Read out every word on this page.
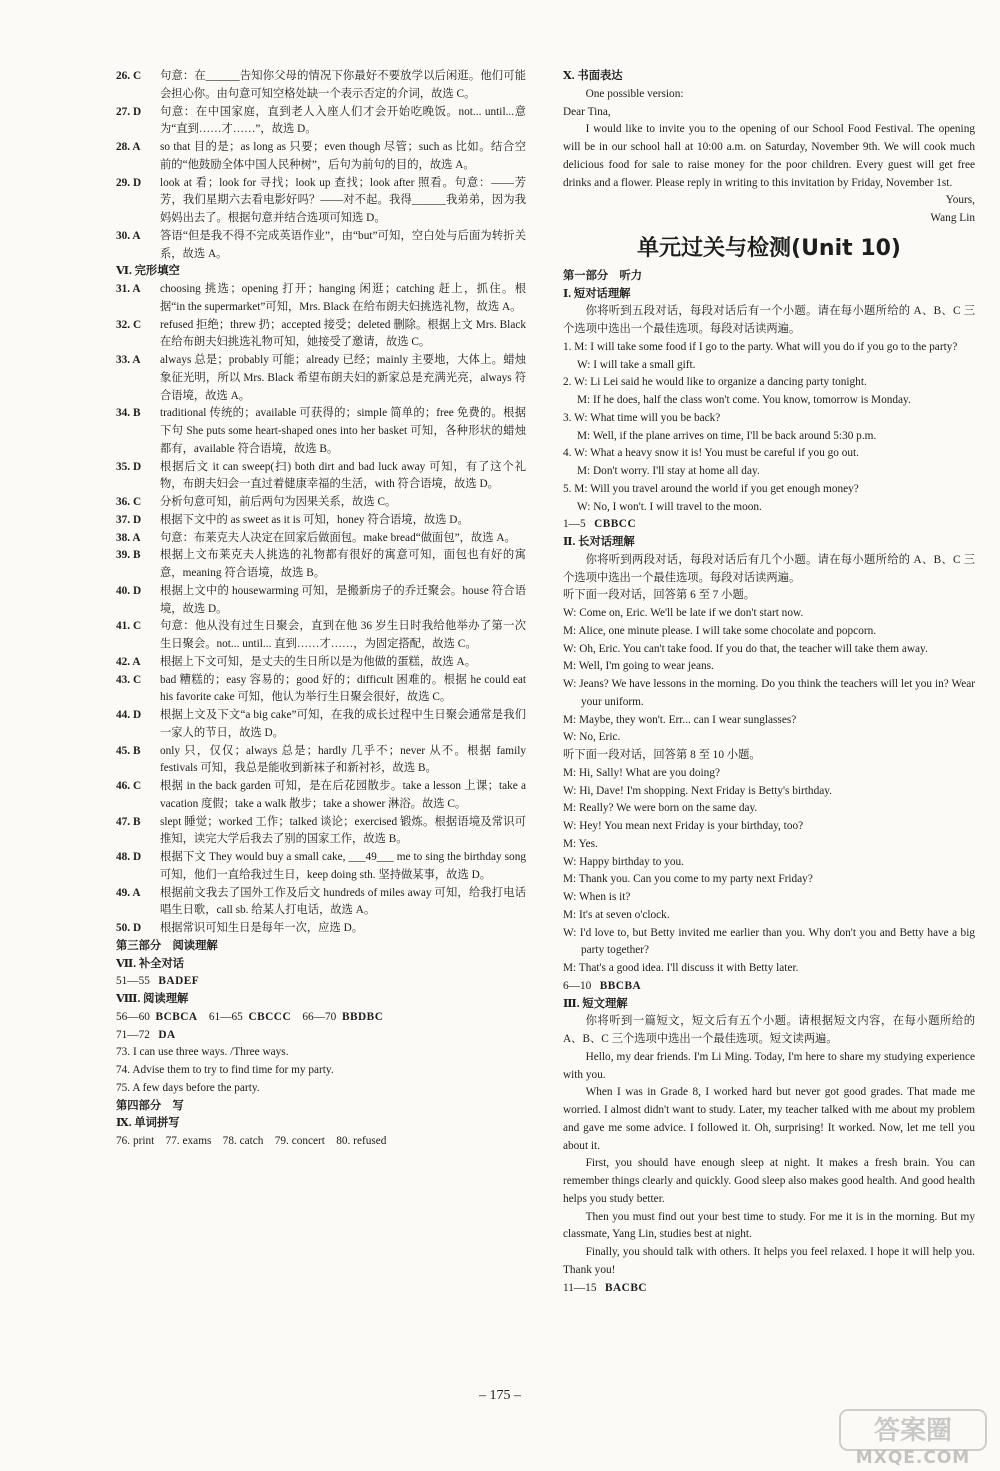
26. C	句意：在______告知你父母的情况下你最好不要放学以后闲逛。他们可能会担心你。由句意可知空格处缺一个表示否定的介词，故选 C。
27. D	句意：在中国家庭，直到老人入座人们才会开始吃晚饭。not... until...意为“直到……才……”，故选 D。
28. A	so that 目的是；as long as 只要；even though 尽管；such as 比如。结合空前的“他鼓励全体中国人民种树”，后句为前句的目的，故选 A。
29. D	look at 看；look for 寻找；look up 查找；look after 照看。句意：——芳芳，我们星期六去看电影好吗？——对不起。我得______我弟弟，因为我妈妈出去了。根据句意并结合选项可知选 D。
30. A	答语“但是我不得不完成英语作业”，由“but”可知，空白处与后面为转折关系，故选 A。
Ⅵ. 完形填空
31. A	choosing 挑选；opening 打开；hanging 闲逛；catching 赶上，抓住。根据“in the supermarket”可知，Mrs. Black 在给布朗夫妇挑选礼物，故选 A。
32. C	refused 拒绝；threw 扔；accepted 接受；deleted 删除。根据上文 Mrs. Black 在给布朗夫妇挑选礼物可知，她接受了邀请，故选 C。
33. A	always 总是；probably 可能；already 已经；mainly 主要地，大体上。蜡烛象征光明，所以 Mrs. Black 希望布朗夫妇的新家总是充满光亮，always 符合语境，故选 A。
34. B	traditional 传统的；available 可获得的；simple 简单的；free 免费的。根据下句 She puts some heart-shaped ones into her basket 可知，各种形状的蜡烛都有，available 符合语境，故选 B。
35. D	根据后文 it can sweep(扫) both dirt and bad luck away 可知，有了这个礼物，布朗夫妇会一直过着健康幸福的生活，with 符合语境，故选 D。
36. C	分析句意可知，前后两句为因果关系，故选 C。
37. D	根据下文中的 as sweet as it is 可知，honey 符合语境，故选 D。
38. A	句意：布莱克夫人决定在回家后做面包。make bread“做面包”，故选 A。
39. B	根据上文布莱克夫人挑选的礼物都有很好的寓意可知，面包也有好的寓意，meaning 符合语境，故选 B。
40. D	根据上文中的 housewarming 可知，是搬新房子的乔迁聚会。house 符合语境，故选 D。
41. C	句意：他从没有过生日聚会，直到在他 36 岁生日时我给他举办了第一次生日聚会。not... until... 直到……才……，为固定搭配，故选 C。
42. A	根据上下文可知，是丈夫的生日所以是为他做的蛋糕，故选 A。
43. C	bad 糟糕的；easy 容易的；good 好的；difficult 困难的。根据 he could eat his favorite cake 可知，他认为举行生日聚会很好，故选 C。
44. D	根据上文及下文“a big cake”可知，在我的成长过程中生日聚会通常是我们一家人的节日，故选 D。
45. B	only 只，仅仅；always 总是；hardly 几乎不；never 从不。根据 family festivals 可知，我总是能收到新袜子和新衬衫，故选 B。
46. C	根据 in the back garden 可知，是在后花园散步。take a lesson 上课；take a vacation 度假；take a walk 散步；take a shower 淋浴。故选 C。
47. B	slept 睡觉；worked 工作；talked 谈论；exercised 锻炼。根据语境及常识可推知，读完大学后我去了别的国家工作，故选 B。
48. D	根据下文 They would buy a small cake, ___49___ me to sing the birthday song 可知，他们一直给我过生日，keep doing sth. 坚持做某事，故选 D。
49. A	根据前文我去了国外工作及后文 hundreds of miles away 可知，给我打电话唱生日歌，call sb. 给某人打电话，故选 A。
50. D	根据常识可知生日是每年一次，应选 D。
第三部分　阅读理解
Ⅶ. 补全对话
51—55 BADEF
Ⅷ. 阅读理解
56—60 BCBCA 61—65 CBCCC 66—70 BBDBC
71—72 DA
73. I can use three ways. /Three ways.
74. Advise them to try to find time for my party.
75. A few days before the party.
第四部分　写
Ⅸ. 单词拼写
76. print　77. exams　78. catch　79. concert　80. refused
Ⅹ. 书面表达
One possible version:
Dear Tina,
I would like to invite you to the opening of our School Food Festival. The opening will be in our school hall at 10:00 a.m. on Saturday, November 9th. We will cook much delicious food for sale to raise money for the poor children. Every guest will get free drinks and a flower. Please reply in writing to this invitation by Friday, November 1st.
Yours,
Wang Lin
单元过关与检测(Unit 10)
第一部分　听力
Ⅰ. 短对话理解
你将听到五段对话，每段对话后有一个小题。请在每小题所给的 A、B、C 三个选项中选出一个最佳选项。每段对话读两遍。
1. M: I will take some food if I go to the party. What will you do if you go to the party?
W: I will take a small gift.
2. W: Li Lei said he would like to organize a dancing party tonight.
M: If he does, half the class won't come. You know, tomorrow is Monday.
3. W: What time will you be back?
M: Well, if the plane arrives on time, I'll be back around 5:30 p.m.
4. W: What a heavy snow it is! You must be careful if you go out.
M: Don't worry. I'll stay at home all day.
5. M: Will you travel around the world if you get enough money?
W: No, I won't. I will travel to the moon.
1—5 CBBCC
Ⅱ. 长对话理解
你将听到两段对话，每段对话后有几个小题。请在每小题所给的 A、B、C 三个选项中选出一个最佳选项。每段对话读两遍。
听下面一段对话，回答第 6 至 7 小题。
W: Come on, Eric. We'll be late if we don't start now.
M: Alice, one minute please. I will take some chocolate and popcorn.
W: Oh, Eric. You can't take food. If you do that, the teacher will take them away.
M: Well, I'm going to wear jeans.
W: Jeans? We have lessons in the morning. Do you think the teachers will let you in? Wear your uniform.
M: Maybe, they won't. Err... can I wear sunglasses?
W: No, Eric.
听下面一段对话，回答第 8 至 10 小题。
M: Hi, Sally! What are you doing?
W: Hi, Dave! I'm shopping. Next Friday is Betty's birthday.
M: Really? We were born on the same day.
W: Hey! You mean next Friday is your birthday, too?
M: Yes.
W: Happy birthday to you.
M: Thank you. Can you come to my party next Friday?
W: When is it?
M: It's at seven o'clock.
W: I'd love to, but Betty invited me earlier than you. Why don't you and Betty have a big party together?
M: That's a good idea. I'll discuss it with Betty later.
6—10 BBCBA
Ⅲ. 短文理解
你将听到一篇短文，短文后有五个小题。请根据短文内容，在每小题所给的 A、B、C 三个选项中选出一个最佳选项。短文读两遍。
Hello, my dear friends. I'm Li Ming. Today, I'm here to share my studying experience with you.
When I was in Grade 8, I worked hard but never got good grades. That made me worried. I almost didn't want to study. Later, my teacher talked with me about my problem and gave me some advice. I followed it. Oh, surprising! It worked. Now, let me tell you about it.
First, you should have enough sleep at night. It makes a fresh brain. You can remember things clearly and quickly. Good sleep also makes good health. And good health helps you study better.
Then you must find out your best time to study. For me it is in the morning. But my classmate, Yang Lin, studies best at night.
Finally, you should talk with others. It helps you feel relaxed. I hope it will help you. Thank you!
11—15 BACBC
– 175 –
答案圈
MXQE.COM
